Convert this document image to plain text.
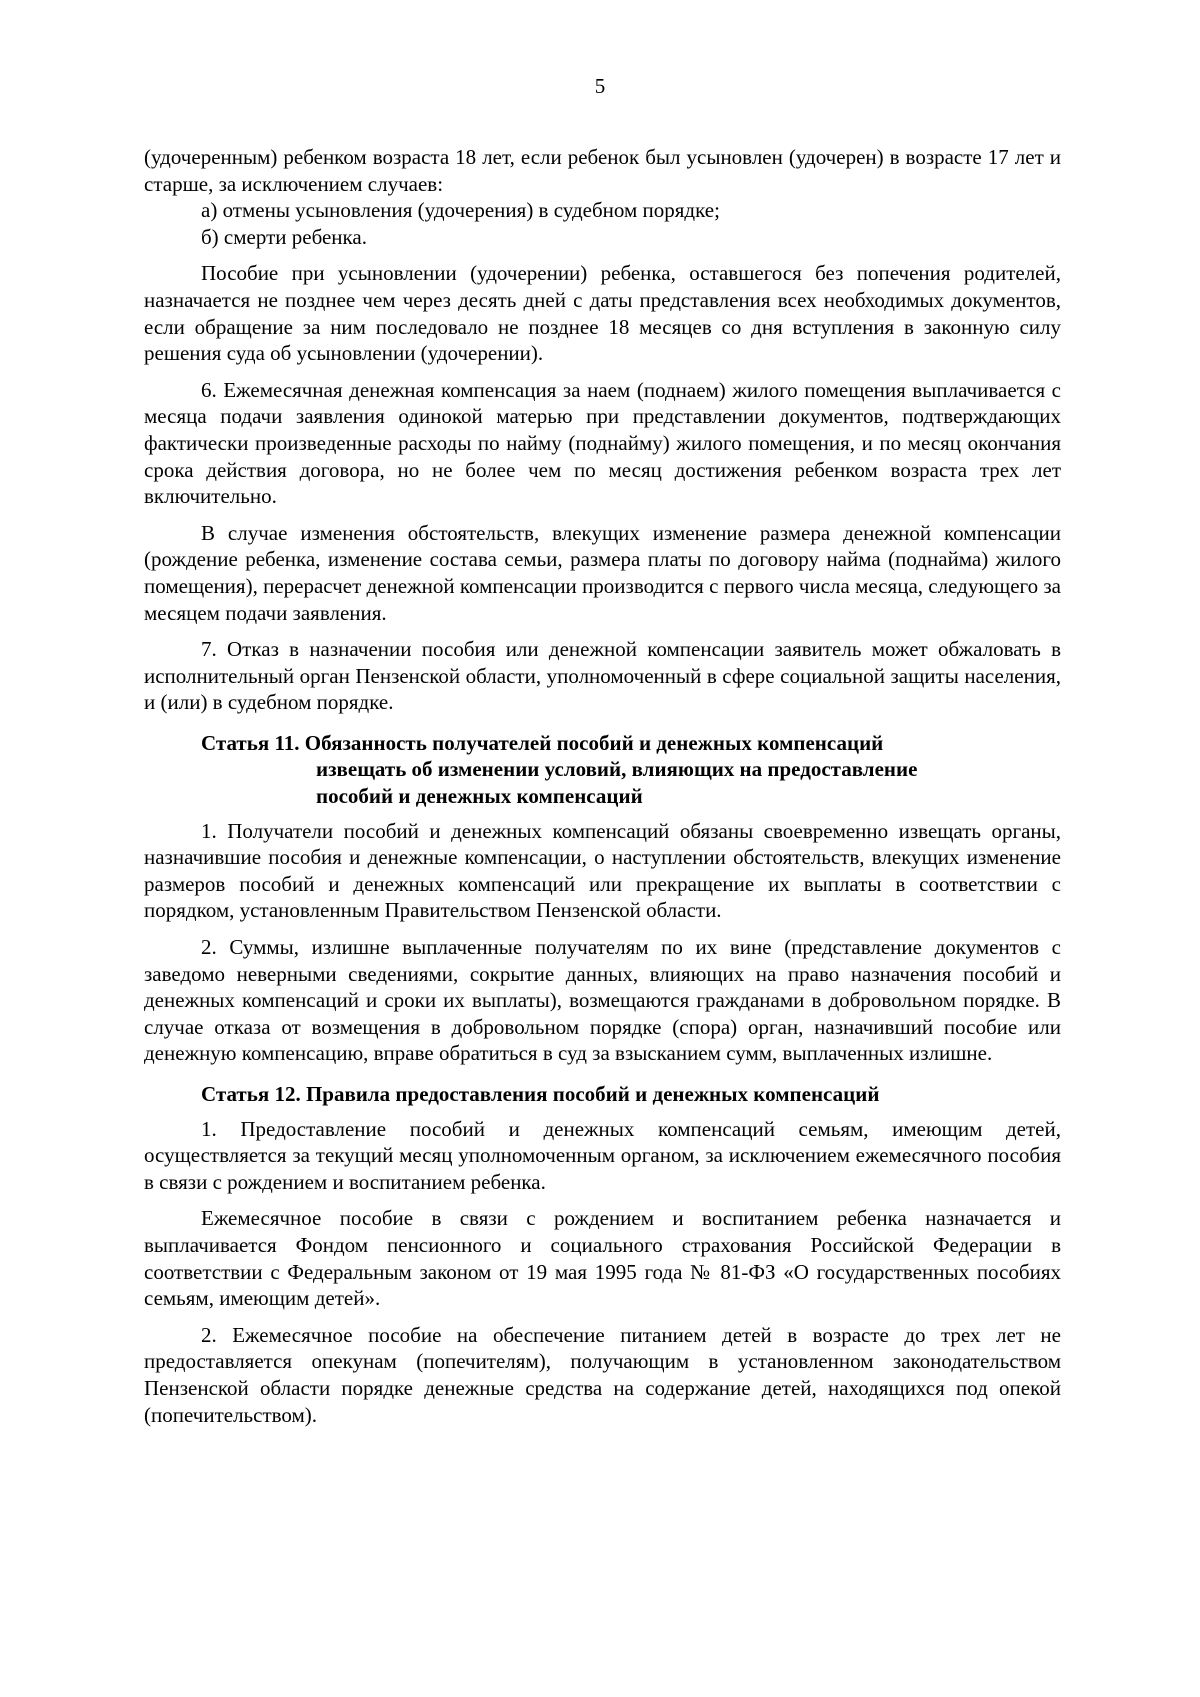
5

(удочеренным) ребенком возраста 18 лет, если ребенок был усыновлен (удочерен) в возрасте 17 лет и старше, за исключением случаев:

а) отмены усыновления (удочерения) в судебном порядке;

б) смерти ребенка.

Пособие при усыновлении (удочерении) ребенка, оставшегося без попечения родителей, назначается не позднее чем через десять дней с даты представления всех необходимых документов, если обращение за ним последовало не позднее 18 месяцев со дня вступления в законную силу решения суда об усыновлении (удочерении).

6. Ежемесячная денежная компенсация за наем (поднаем) жилого помещения выплачивается с месяца подачи заявления одинокой матерью при представлении документов, подтверждающих фактически произведенные расходы по найму (поднайму) жилого помещения, и по месяц окончания срока действия договора, но не более чем по месяц достижения ребенком возраста трех лет включительно.

В случае изменения обстоятельств, влекущих изменение размера денежной компенсации (рождение ребенка, изменение состава семьи, размера платы по договору найма (поднайма) жилого помещения), перерасчет денежной компенсации производится с первого числа месяца, следующего за месяцем подачи заявления.

7. Отказ в назначении пособия или денежной компенсации заявитель может обжаловать в исполнительный орган Пензенской области, уполномоченный в сфере социальной защиты населения, и (или) в судебном порядке.

Статья 11. Обязанность получателей пособий и денежных компенсаций
извещать об изменении условий, влияющих на предоставление
пособий и денежных компенсаций

1. Получатели пособий и денежных компенсаций обязаны своевременно извещать органы, назначившие пособия и денежные компенсации, о наступлении обстоятельств, влекущих изменение размеров пособий и денежных компенсаций или прекращение их выплаты в соответствии с порядком, установленным Правительством Пензенской области.

2. Суммы, излишне выплаченные получателям по их вине (представление документов с заведомо неверными сведениями, сокрытие данных, влияющих на право назначения пособий и денежных компенсаций и сроки их выплаты), возмещаются гражданами в добровольном порядке. В случае отказа от возмещения в добровольном порядке (спора) орган, назначивший пособие или денежную компенсацию, вправе обратиться в суд за взысканием сумм, выплаченных излишне.

Статья 12. Правила предоставления пособий и денежных компенсаций

1. Предоставление пособий и денежных компенсаций семьям, имеющим детей, осуществляется за текущий месяц уполномоченным органом, за исключением ежемесячного пособия в связи с рождением и воспитанием ребенка.

Ежемесячное пособие в связи с рождением и воспитанием ребенка назначается и выплачивается Фондом пенсионного и социального страхования Российской Федерации в соответствии с Федеральным законом от 19 мая 1995 года № 81-ФЗ «О государственных пособиях семьям, имеющим детей».

2. Ежемесячное пособие на обеспечение питанием детей в возрасте до трех лет не предоставляется опекунам (попечителям), получающим в установленном законодательством Пензенской области порядке денежные средства на содержание детей, находящихся под опекой (попечительством).
